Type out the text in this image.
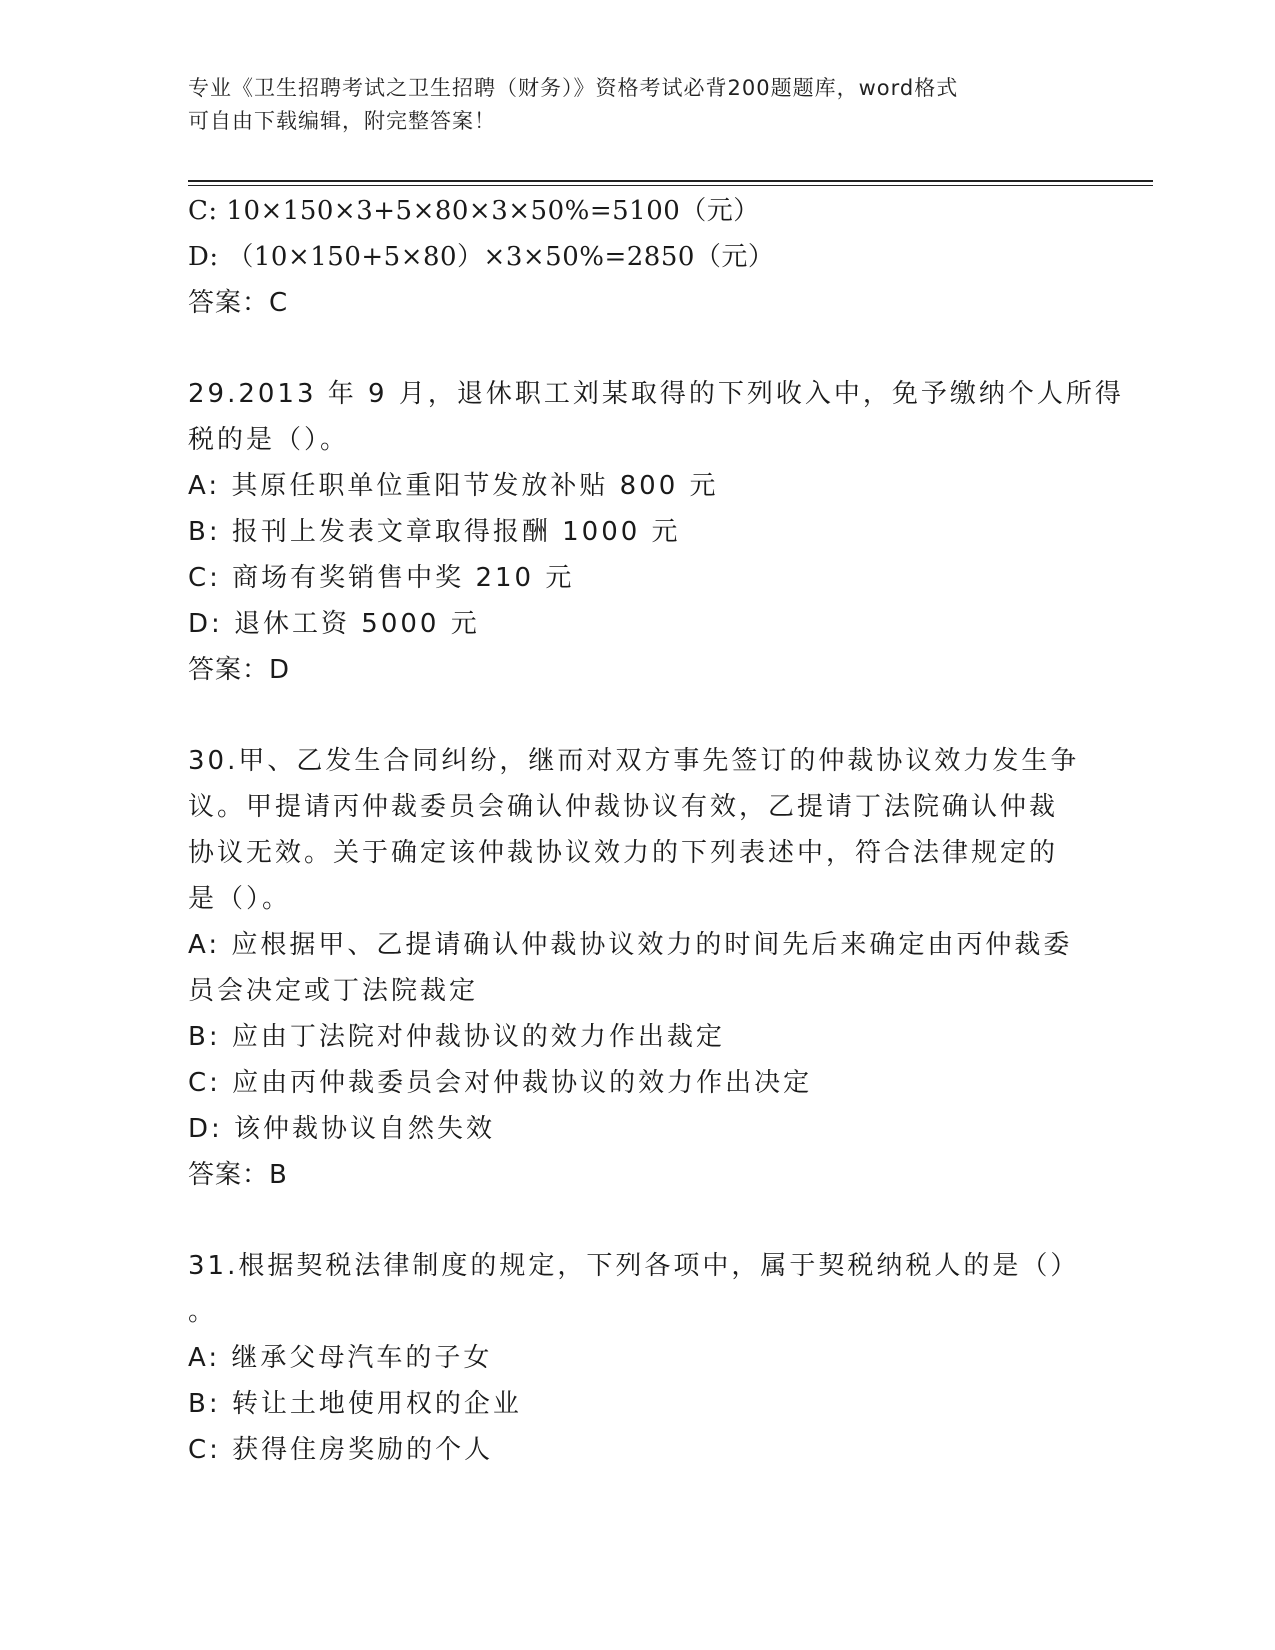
专业《卫生招聘考试之卫生招聘（财务）》资格考试必背200题题库，word格式
可自由下载编辑，附完整答案！
C: 10×150×3+5×80×3×50%=5100（元）
D: （10×150+5×80）×3×50%=2850（元）
答案：C
29.2013 年 9 月，退休职工刘某取得的下列收入中，免予缴纳个人所得
税的是（）。
A: 其原任职单位重阳节发放补贴 800 元
B: 报刊上发表文章取得报酬 1000 元
C: 商场有奖销售中奖 210 元
D: 退休工资 5000 元
答案：D
30.甲、乙发生合同纠纷，继而对双方事先签订的仲裁协议效力发生争
议。甲提请丙仲裁委员会确认仲裁协议有效，乙提请丁法院确认仲裁
协议无效。关于确定该仲裁协议效力的下列表述中，符合法律规定的
是（）。
A: 应根据甲、乙提请确认仲裁协议效力的时间先后来确定由丙仲裁委
员会决定或丁法院裁定
B: 应由丁法院对仲裁协议的效力作出裁定
C: 应由丙仲裁委员会对仲裁协议的效力作出决定
D: 该仲裁协议自然失效
答案：B
31.根据契税法律制度的规定，下列各项中，属于契税纳税人的是（）
。
A: 继承父母汽车的子女
B: 转让土地使用权的企业
C: 获得住房奖励的个人
